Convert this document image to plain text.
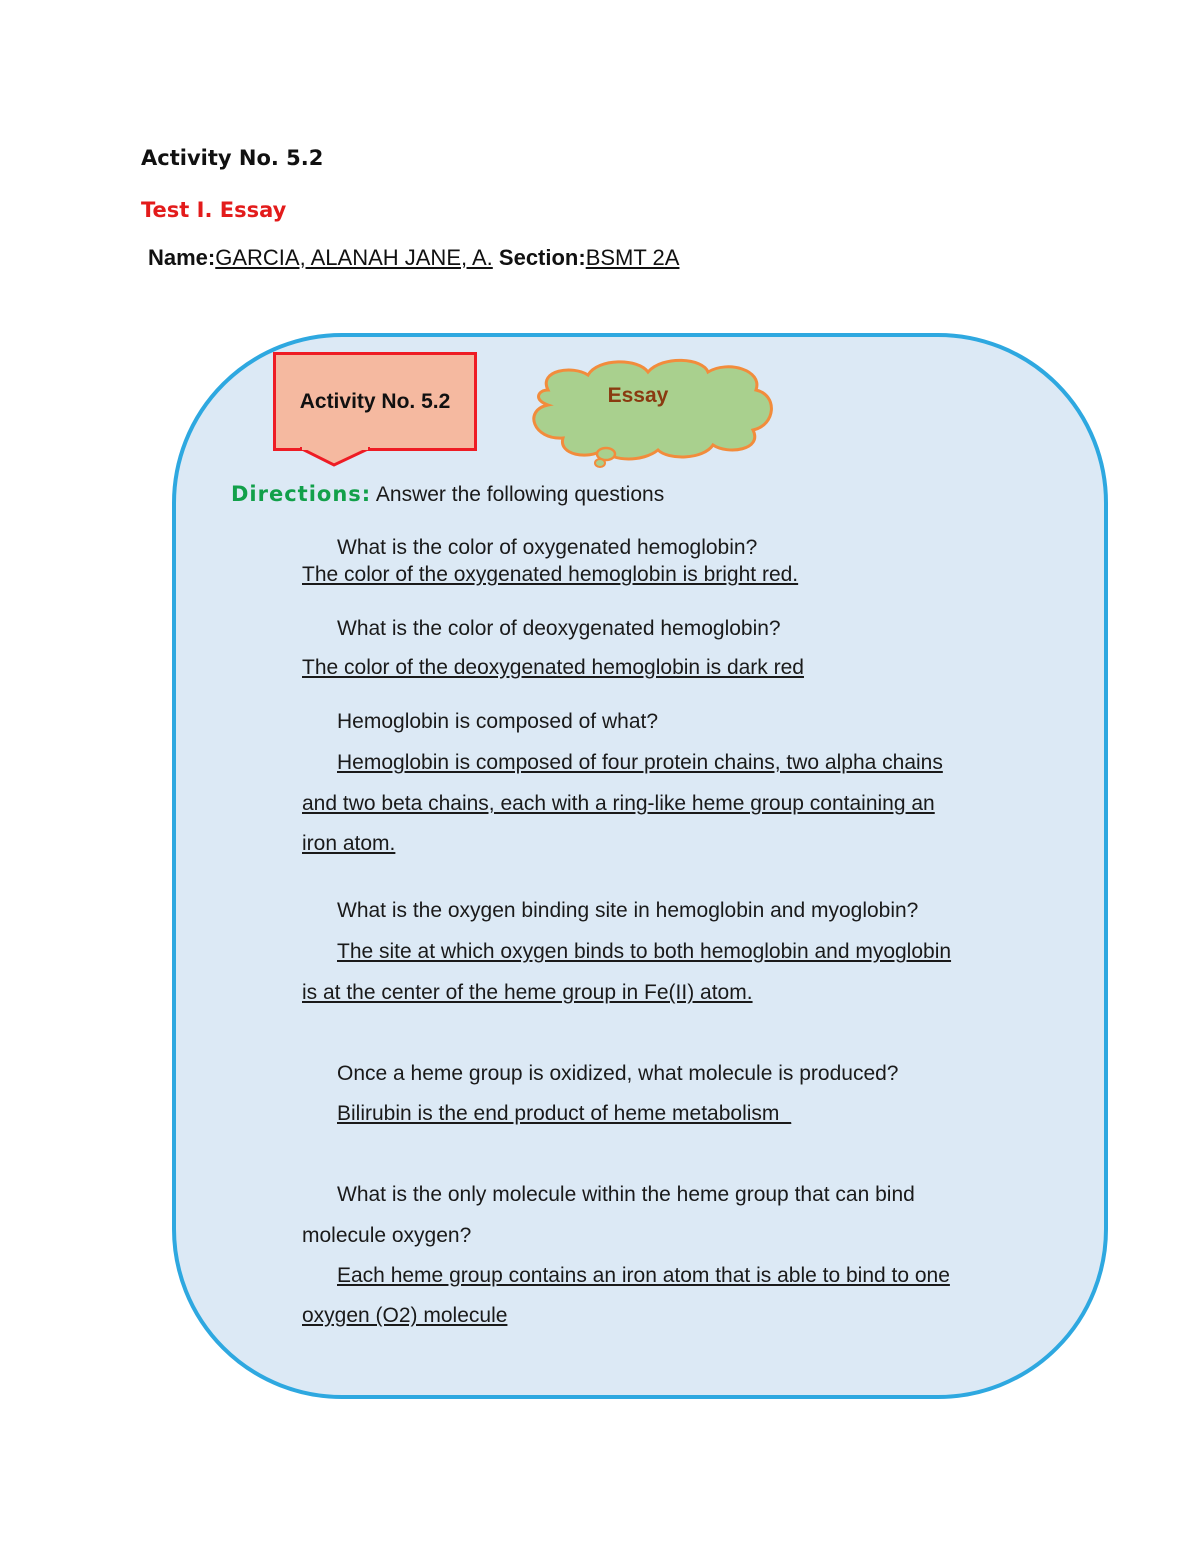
Activity No. 5.2
Test I. Essay
Name:GARCIA, ALANAH JANE, A. Section:BSMT 2A
Activity No. 5.2	Essay
Directions: Answer the following questions
What is the color of oxygenated hemoglobin?
The color of the oxygenated hemoglobin is bright red.
What is the color of deoxygenated hemoglobin?
The color of the deoxygenated hemoglobin is dark red
Hemoglobin is composed of what?
Hemoglobin is composed of four protein chains, two alpha chains
and two beta chains, each with a ring-like heme group containing an
iron atom.
What is the oxygen binding site in hemoglobin and myoglobin?
The site at which oxygen binds to both hemoglobin and myoglobin
is at the center of the heme group in Fe(II) atom.
Once a heme group is oxidized, what molecule is produced?
Bilirubin is the end product of heme metabolism_
What is the only molecule within the heme group that can bind
molecule oxygen?
Each heme group contains an iron atom that is able to bind to one
oxygen (O2) molecule
